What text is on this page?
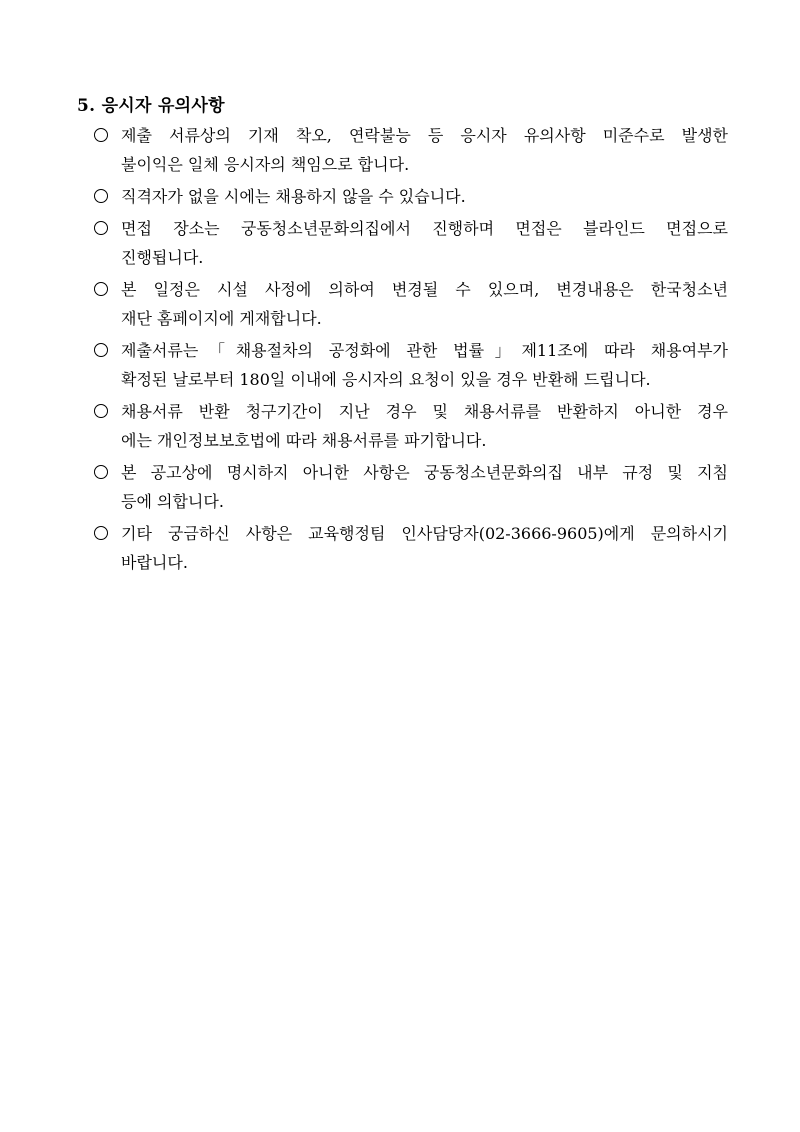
5. 응시자 유의사항
제출 서류상의 기재 착오, 연락불능 등 응시자 유의사항 미준수로 발생한
불이익은 일체 응시자의 책임으로 합니다.
직격자가 없을 시에는 채용하지 않을 수 있습니다.
면접 장소는 궁동청소년문화의집에서 진행하며 면접은 블라인드 면접으로
진행됩니다.
본 일정은 시설 사정에 의하여 변경될 수 있으며, 변경내용은 한국청소년
재단 홈페이지에 게재합니다.
제출서류는「채용절차의 공정화에 관한 법률」제11조에 따라 채용여부가
확정된 날로부터 180일 이내에 응시자의 요청이 있을 경우 반환해 드립니다.
채용서류 반환 청구기간이 지난 경우 및 채용서류를 반환하지 아니한 경우
에는 개인정보보호법에 따라 채용서류를 파기합니다.
본 공고상에 명시하지 아니한 사항은 궁동청소년문화의집 내부 규정 및 지침
등에 의합니다.
기타 궁금하신 사항은 교육행정팀 인사담당자(02-3666-9605)에게 문의하시기
바랍니다.
